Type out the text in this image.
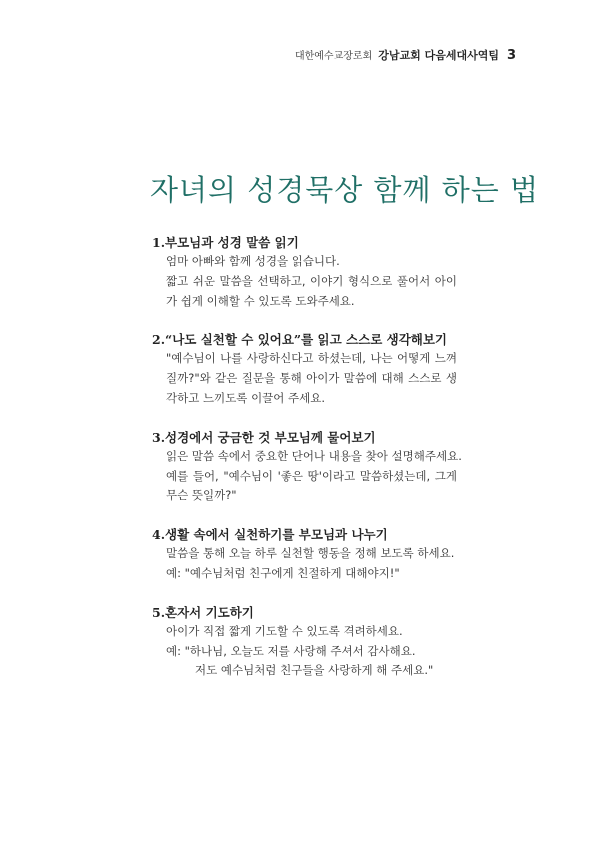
대한예수교장로회 강남교회 다음세대사역팀 3
자녀의 성경묵상 함께 하는 법
1. 부모님과 성경 말씀 읽기
엄마 아빠와 함께 성경을 읽습니다.
짧고 쉬운 말씀을 선택하고, 이야기 형식으로 풀어서 아이가 쉽게 이해할 수 있도록 도와주세요.
2. “나도 실천할 수 있어요”를 읽고 스스로 생각해보기
"예수님이 나를 사랑하신다고 하셨는데, 나는 어떻게 느껴질까?"와 같은 질문을 통해 아이가 말씀에 대해 스스로 생각하고 느끼도록 이끌어 주세요.
3. 성경에서 궁금한 것 부모님께 물어보기
읽은 말씀 속에서 중요한 단어나 내용을 찾아 설명해주세요.
예를 들어, "예수님이 '좋은 땅'이라고 말씀하셨는데, 그게 무슨 뜻일까?"
4. 생활 속에서 실천하기를 부모님과 나누기
말씀을 통해 오늘 하루 실천할 행동을 정해 보도록 하세요.
예: "예수님처럼 친구에게 친절하게 대해야지!"
5. 혼자서 기도하기
아이가 직접 짧게 기도할 수 있도록 격려하세요.
예: "하나님, 오늘도 저를 사랑해 주셔서 감사해요.
저도 예수님처럼 친구들을 사랑하게 해 주세요."
